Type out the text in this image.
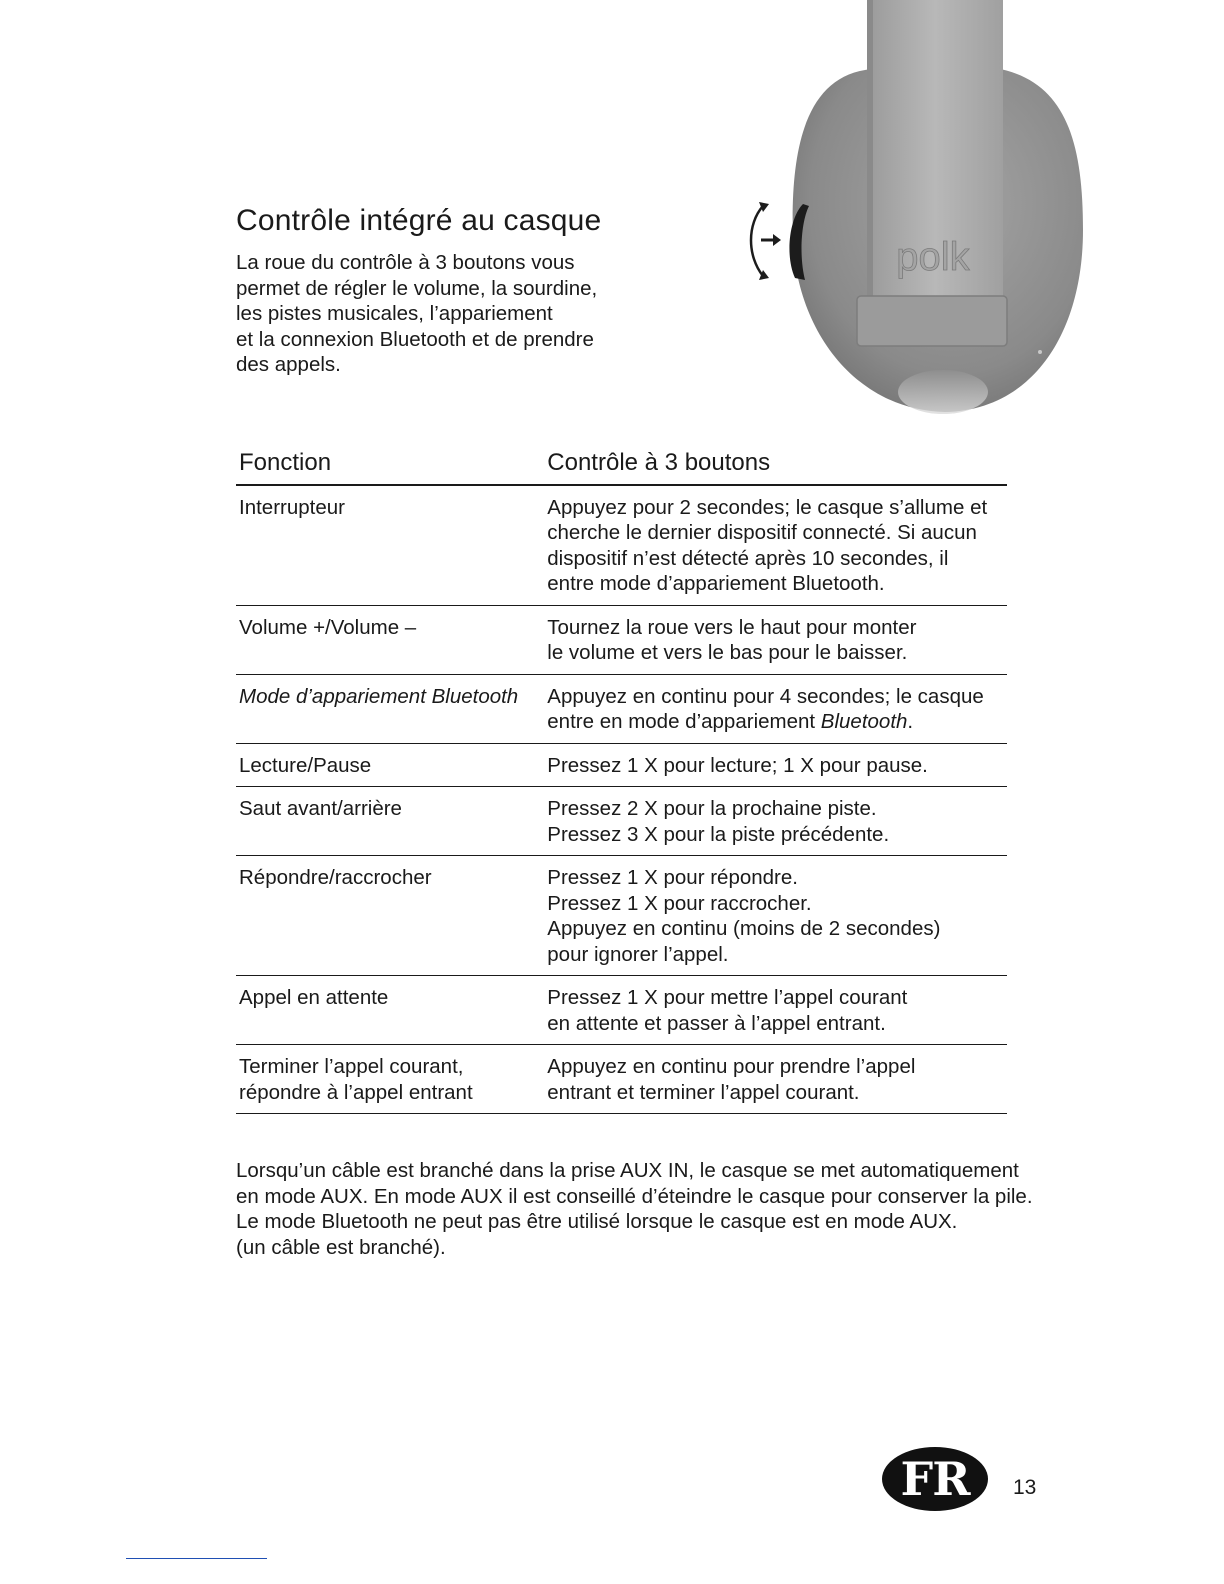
Contrôle intégré au casque
La roue du contrôle à 3 boutons vous
permet de régler le volume, la sourdine,
les pistes musicales, l’appariement
et la connexion Bluetooth et de prendre
des appels.
polk
Fonction	Contrôle à 3 boutons

Interrupteur	Appuyez pour 2 secondes; le casque s’allume et
cherche le dernier dispositif connecté. Si aucun
dispositif n’est détecté après 10 secondes, il
entre mode d’appariement Bluetooth.

Volume +/Volume –	Tournez la roue vers le haut pour monter
le volume et vers le bas pour le baisser.

Mode d’appariement Bluetooth	Appuyez en continu pour 4 secondes; le casque
entre en mode d’appariement Bluetooth.

Lecture/Pause	Pressez 1 X pour lecture; 1 X pour pause.

Saut avant/arrière	Pressez 2 X pour la prochaine piste.
Pressez 3 X pour la piste précédente.

Répondre/raccrocher	Pressez 1 X pour répondre.
Pressez 1 X pour raccrocher.
Appuyez en continu (moins de 2 secondes)
pour ignorer l’appel.

Appel en attente	Pressez 1 X pour mettre l’appel courant
en attente et passer à l’appel entrant.

Terminer l’appel courant,
répondre à l’appel entrant	Appuyez en continu pour prendre l’appel
entrant et terminer l’appel courant.
Lorsqu’un câble est branché dans la prise AUX IN, le casque se met automatiquement
en mode AUX. En mode AUX il est conseillé d’éteindre le casque pour conserver la pile.
Le mode Bluetooth ne peut pas être utilisé lorsque le casque est en mode AUX.
(un câble est branché).
FR	13
